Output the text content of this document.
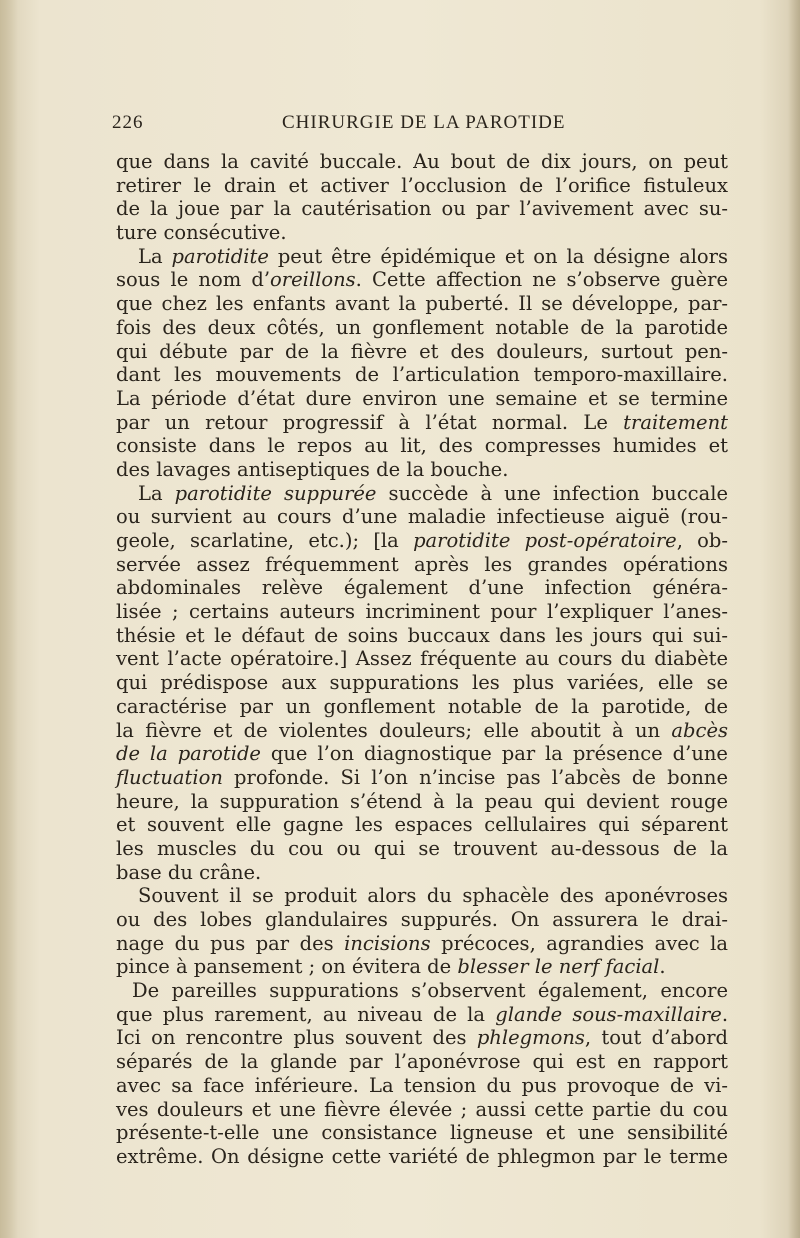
226	CHIRURGIE DE LA PAROTIDE
que dans la cavité buccale. Au bout de dix jours, on peut
retirer le drain et activer l’occlusion de l’orifice fistuleux
de la joue par la cautérisation ou par l’avivement avec su-
ture consécutive.
La parotidite peut être épidémique et on la désigne alors
sous le nom d’oreillons. Cette affection ne s’observe guère
que chez les enfants avant la puberté. Il se développe, par-
fois des deux côtés, un gonflement notable de la parotide
qui débute par de la fièvre et des douleurs, surtout pen-
dant les mouvements de l’articulation temporo-maxillaire.
La période d’état dure environ une semaine et se termine
par un retour progressif à l’état normal. Le traitement
consiste dans le repos au lit, des compresses humides et
des lavages antiseptiques de la bouche.
La parotidite suppurée succède à une infection buccale
ou survient au cours d’une maladie infectieuse aiguë (rou-
geole, scarlatine, etc.); [la parotidite post-opératoire, ob-
servée assez fréquemment après les grandes opérations
abdominales relève également d’une infection généra-
lisée ; certains auteurs incriminent pour l’expliquer l’anes-
thésie et le défaut de soins buccaux dans les jours qui sui-
vent l’acte opératoire.] Assez fréquente au cours du diabète
qui prédispose aux suppurations les plus variées, elle se
caractérise par un gonflement notable de la parotide, de
la fièvre et de violentes douleurs; elle aboutit à un abcès
de la parotide que l’on diagnostique par la présence d’une
fluctuation profonde. Si l’on n’incise pas l’abcès de bonne
heure, la suppuration s’étend à la peau qui devient rouge
et souvent elle gagne les espaces cellulaires qui séparent
les muscles du cou ou qui se trouvent au-dessous de la
base du crâne.
Souvent il se produit alors du sphacèle des aponévroses
ou des lobes glandulaires suppurés. On assurera le drai-
nage du pus par des incisions précoces, agrandies avec la
pince à pansement ; on évitera de blesser le nerf facial.
De pareilles suppurations s’observent également, encore
que plus rarement, au niveau de la glande sous-maxillaire.
Ici on rencontre plus souvent des phlegmons, tout d’abord
séparés de la glande par l’aponévrose qui est en rapport
avec sa face inférieure. La tension du pus provoque de vi-
ves douleurs et une fièvre élevée ; aussi cette partie du cou
présente-t-elle une consistance ligneuse et une sensibilité
extrême. On désigne cette variété de phlegmon par le terme
